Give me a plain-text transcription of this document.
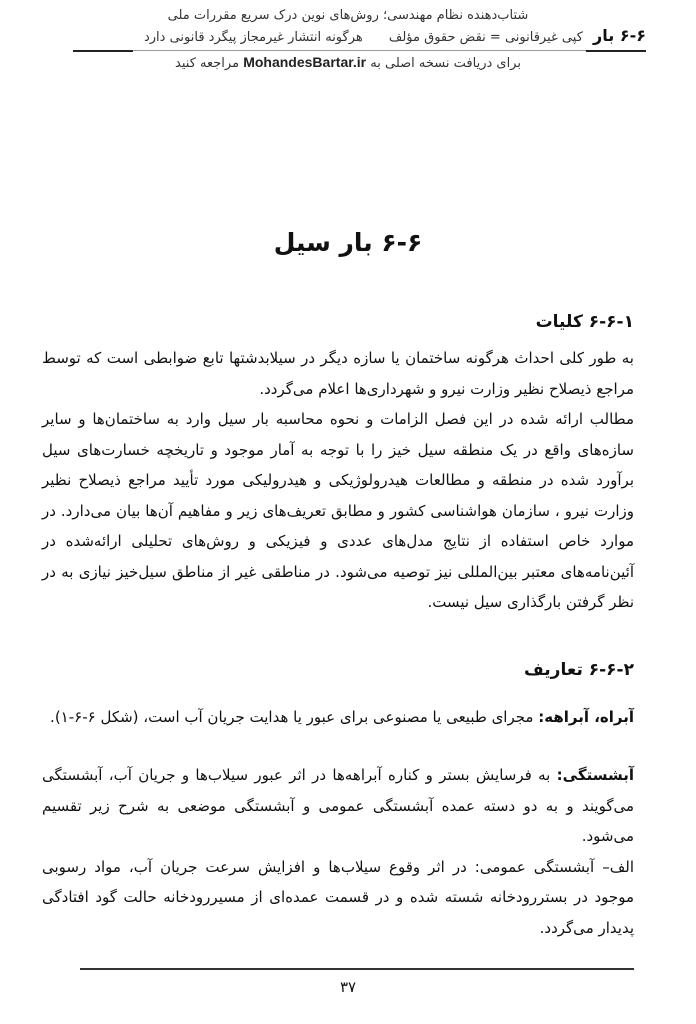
شتاب‌دهنده نظام مهندسی؛ روش‌های نوین درک سریع مقررات ملی
۶-۶ بار کپی غیرقانونی = نقض حقوق مؤلف هرگونه انتشار غیرمجاز پیگرد قانونی دارد
برای دریافت نسخه اصلی به MohandesBartar.ir مراجعه کنید
۶-۶ بار سیل
۶-۶-۱ کلیات

به طور کلی احداث هرگونه ساختمان یا سازه دیگر در سیلابدشتها تابع ضوابطی است که توسط مراجع ذیصلاح نظیر وزارت نیرو و شهرداری‌ها اعلام می‌گردد.

مطالب ارائه شده در این فصل الزامات و نحوه محاسبه بار سیل وارد به ساختمان‌ها و سایر سازه‌های واقع در یک منطقه سیل خیز را با توجه به آمار موجود و تاریخچه خسارت‌های سیل برآورد شده در منطقه و مطالعات هیدرولوژیکی و هیدرولیکی مورد تأیید مراجع ذیصلاح نظیر وزارت نیرو ، سازمان هواشناسی کشور و مطابق تعریف‌های زیر و مفاهیم آن‌ها بیان می‌دارد. در موارد خاص استفاده از نتایج مدل‌های عددی و فیزیکی و روش‌های تحلیلی ارائه‌شده در آئین‌نامه‌های معتبر بین‌المللی نیز توصیه می‌شود. در مناطقی غیر از مناطق سیل‌خیز نیازی به در نظر گرفتن بارگذاری سیل نیست.

۶-۶-۲ تعاریف

آبراه، آبراهه: مجرای طبیعی یا مصنوعی برای عبور یا هدایت جریان آب است، (شکل ۶-۶-۱).

آبشستگی: به فرسایش بستر و کناره آبراهه‌ها در اثر عبور سیلاب‌ها و جریان آب، آبشستگی می‌گویند و به دو دسته عمده آبشستگی عمومی و آبشستگی موضعی به شرح زیر تقسیم می‌شود.

الف– آبشستگی عمومی: در اثر وقوع سیلاب‌ها و افزایش سرعت جریان آب، مواد رسوبی موجود در بستررودخانه شسته شده و در قسمت عمده‌ای از مسیررودخانه حالت گود افتادگی پدیدار می‌گردد.

۳۷
